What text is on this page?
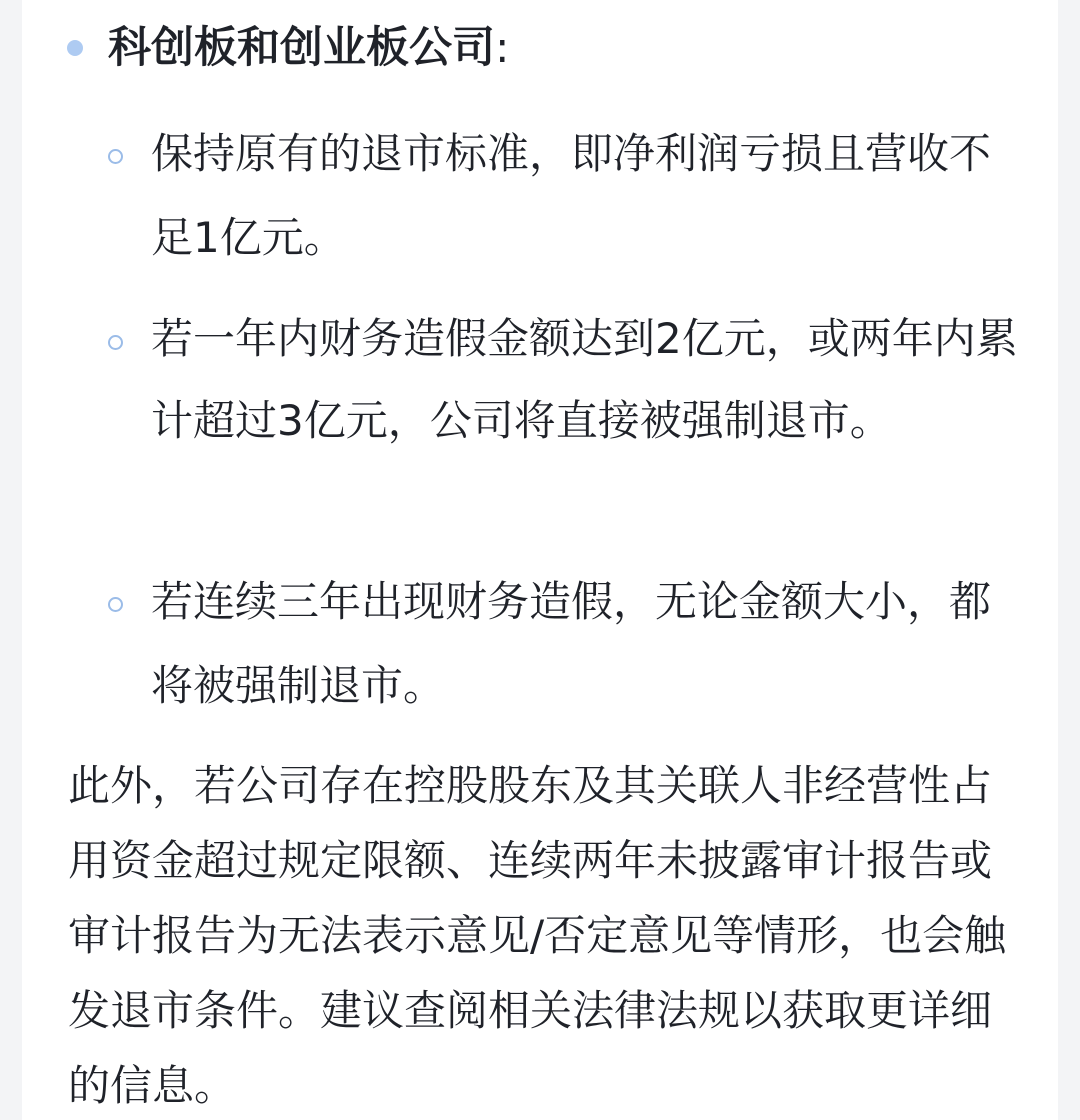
科创板和创业板公司:
保持原有的退市标准，即净利润亏损且营收不足1亿元。
若一年内财务造假金额达到2亿元，或两年内累计超过3亿元，公司将直接被强制退市。
若连续三年出现财务造假，无论金额大小，都将被强制退市。
此外，若公司存在控股股东及其关联人非经营性占用资金超过规定限额、连续两年未披露审计报告或审计报告为无法表示意见/否定意见等情形，也会触发退市条件。建议查阅相关法律法规以获取更详细的信息。
